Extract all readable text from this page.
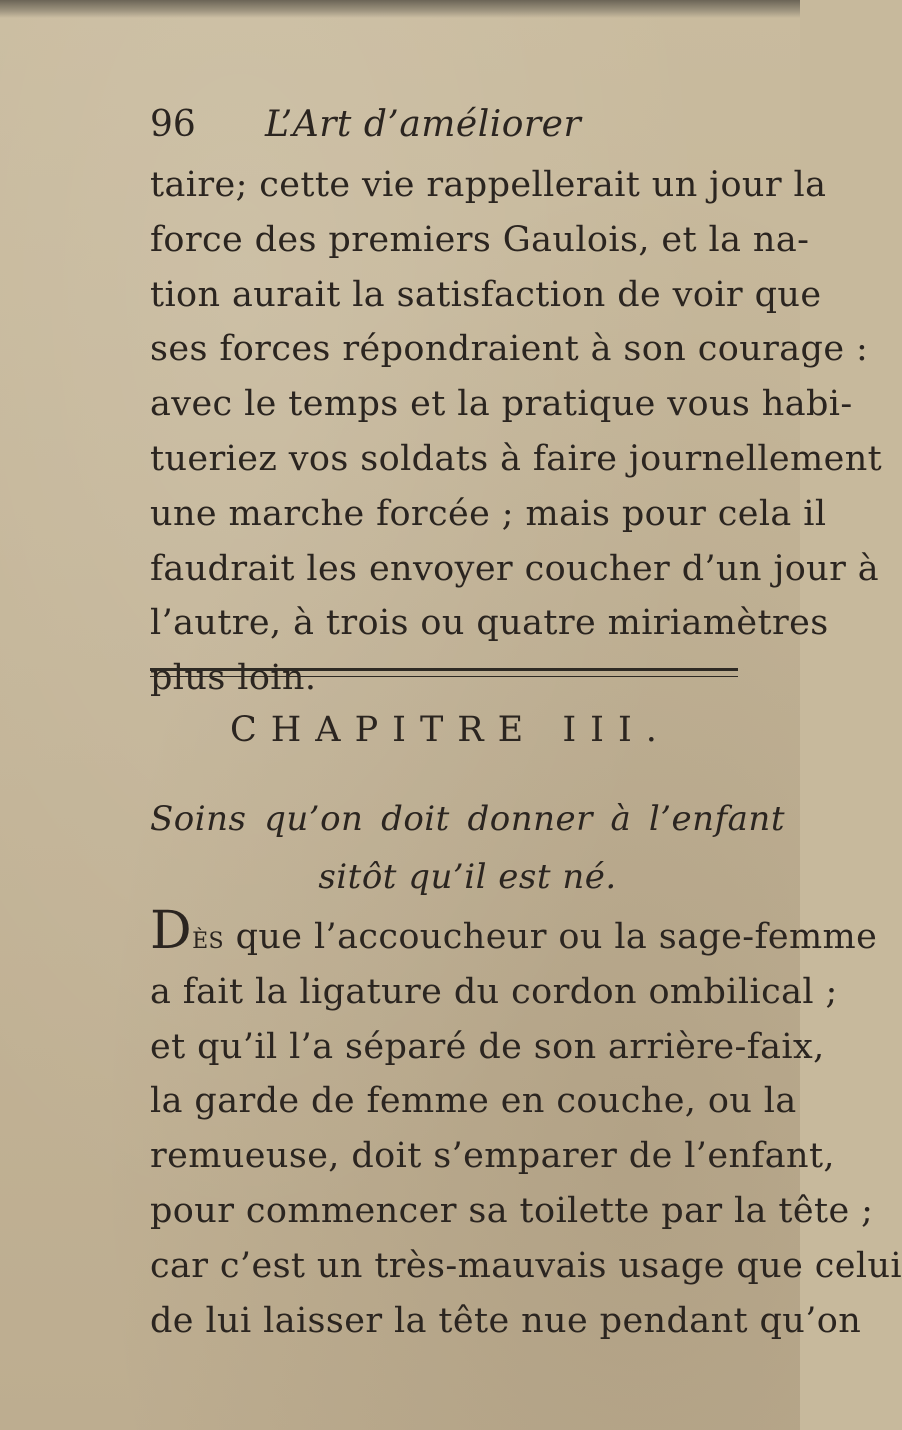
96 L’Art d’améliorer
taire; cette vie rappellerait un jour la
force des premiers Gaulois, et la na-
tion aurait la satisfaction de voir que
ses forces répondraient à son courage :
avec le temps et la pratique vous habi-
tueriez vos soldats à faire journellement
une marche forcée ; mais pour cela il
faudrait les envoyer coucher d’un jour à
l’autre, à trois ou quatre miriamètres
plus loin.
CHAPITRE III.
Soins qu’on doit donner à l’enfant
sitôt qu’il est né.
Dès que l’accoucheur ou la sage-femme
a fait la ligature du cordon ombilical ;
et qu’il l’a séparé de son arrière-faix,
la garde de femme en couche, ou la
remueuse, doit s’emparer de l’enfant,
pour commencer sa toilette par la tête ;
car c’est un très-mauvais usage que celui
de lui laisser la tête nue pendant qu’on
